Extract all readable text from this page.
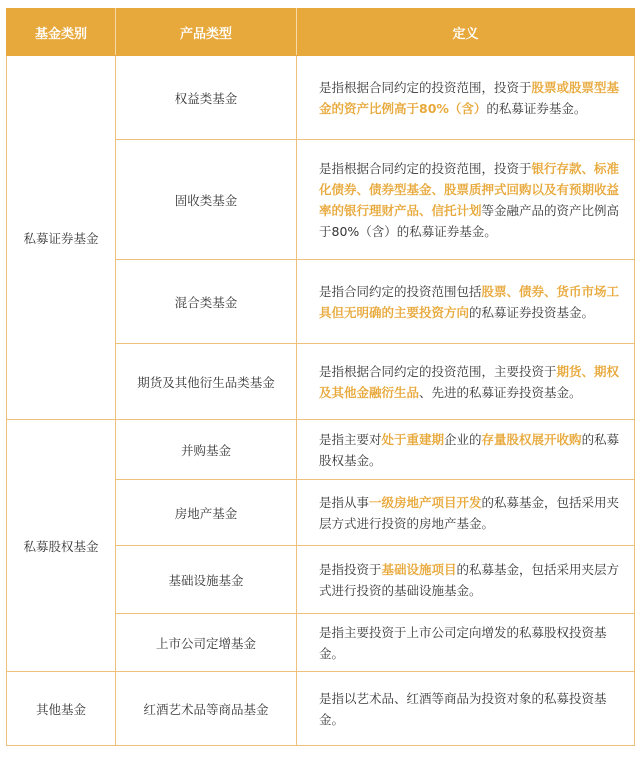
基金类别	产品类型	定义
私募证券基金	权益类基金	是指根据合同约定的投资范围，投资于股票或股票型基金的资产比例高于80%（含）的私募证券基金。
	固收类基金	是指根据合同约定的投资范围，投资于银行存款、标准化债券、债券型基金、股票质押式回购以及有预期收益率的银行理财产品、信托计划等金融产品的资产比例高于80%（含）的私募证券基金。
	混合类基金	是指合同约定的投资范围包括股票、债券、货币市场工具但无明确的主要投资方向的私募证券投资基金。
	期货及其他衍生品类基金	是指根据合同约定的投资范围，主要投资于期货、期权及其他金融衍生品、先进的私募证券投资基金。
私募股权基金	并购基金	是指主要对处于重建期企业的存量股权展开收购的私募股权基金。
	房地产基金	是指从事一级房地产项目开发的私募基金，包括采用夹层方式进行投资的房地产基金。
	基础设施基金	是指投资于基础设施项目的私募基金，包括采用夹层方式进行投资的基础设施基金。
	上市公司定增基金	是指主要投资于上市公司定向增发的私募股权投资基金。
其他基金	红酒艺术品等商品基金	是指以艺术品、红酒等商品为投资对象的私募投资基金。
